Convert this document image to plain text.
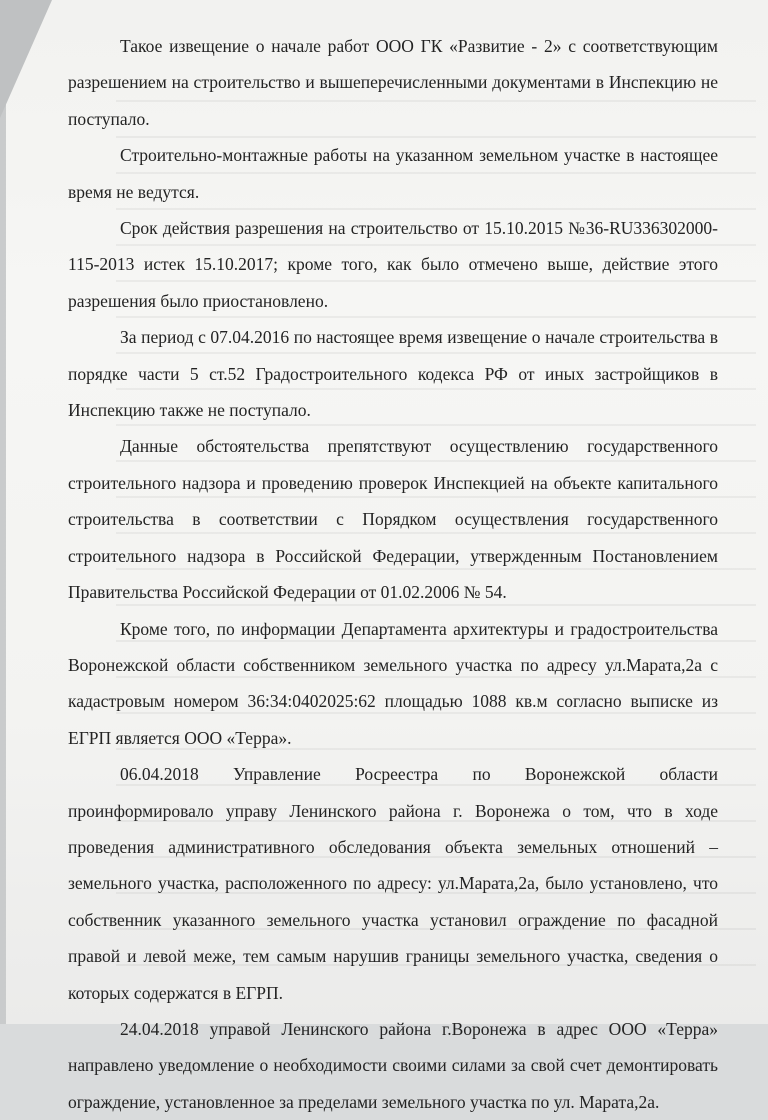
Такое извещение о начале работ ООО ГК «Развитие - 2» с соответствующим разрешением на строительство и вышеперечисленными документами в Инспекцию не поступало.

Строительно-монтажные работы на указанном земельном участке в настоящее время не ведутся.

Срок действия разрешения на строительство от 15.10.2015 №36-RU336302000-115-2013 истек 15.10.2017; кроме того, как было отмечено выше, действие этого разрешения было приостановлено.

За период с 07.04.2016 по настоящее время извещение о начале строительства в порядке части 5 ст.52 Градостроительного кодекса РФ от иных застройщиков в Инспекцию также не поступало.

Данные обстоятельства препятствуют осуществлению государственного строительного надзора и проведению проверок Инспекцией на объекте капитального строительства в соответствии с Порядком осуществления государственного строительного надзора в Российской Федерации, утвержденным Постановлением Правительства Российской Федерации от 01.02.2006 № 54.

Кроме того, по информации Департамента архитектуры и градостроительства Воронежской области собственником земельного участка по адресу ул.Марата,2а с кадастровым номером 36:34:0402025:62 площадью 1088 кв.м согласно выписке из ЕГРП является ООО «Терра».

06.04.2018 Управление Росреестра по Воронежской области проинформировало управу Ленинского района г. Воронежа о том, что в ходе проведения административного обследования объекта земельных отношений – земельного участка, расположенного по адресу: ул.Марата,2а, было установлено, что собственник указанного земельного участка установил ограждение по фасадной правой и левой меже, тем самым нарушив границы земельного участка, сведения о которых содержатся в ЕГРП.

24.04.2018 управой Ленинского района г.Воронежа в адрес ООО «Терра» направлено уведомление о необходимости своими силами за свой счет демонтировать ограждение, установленное за пределами земельного участка по ул. Марата,2а.
